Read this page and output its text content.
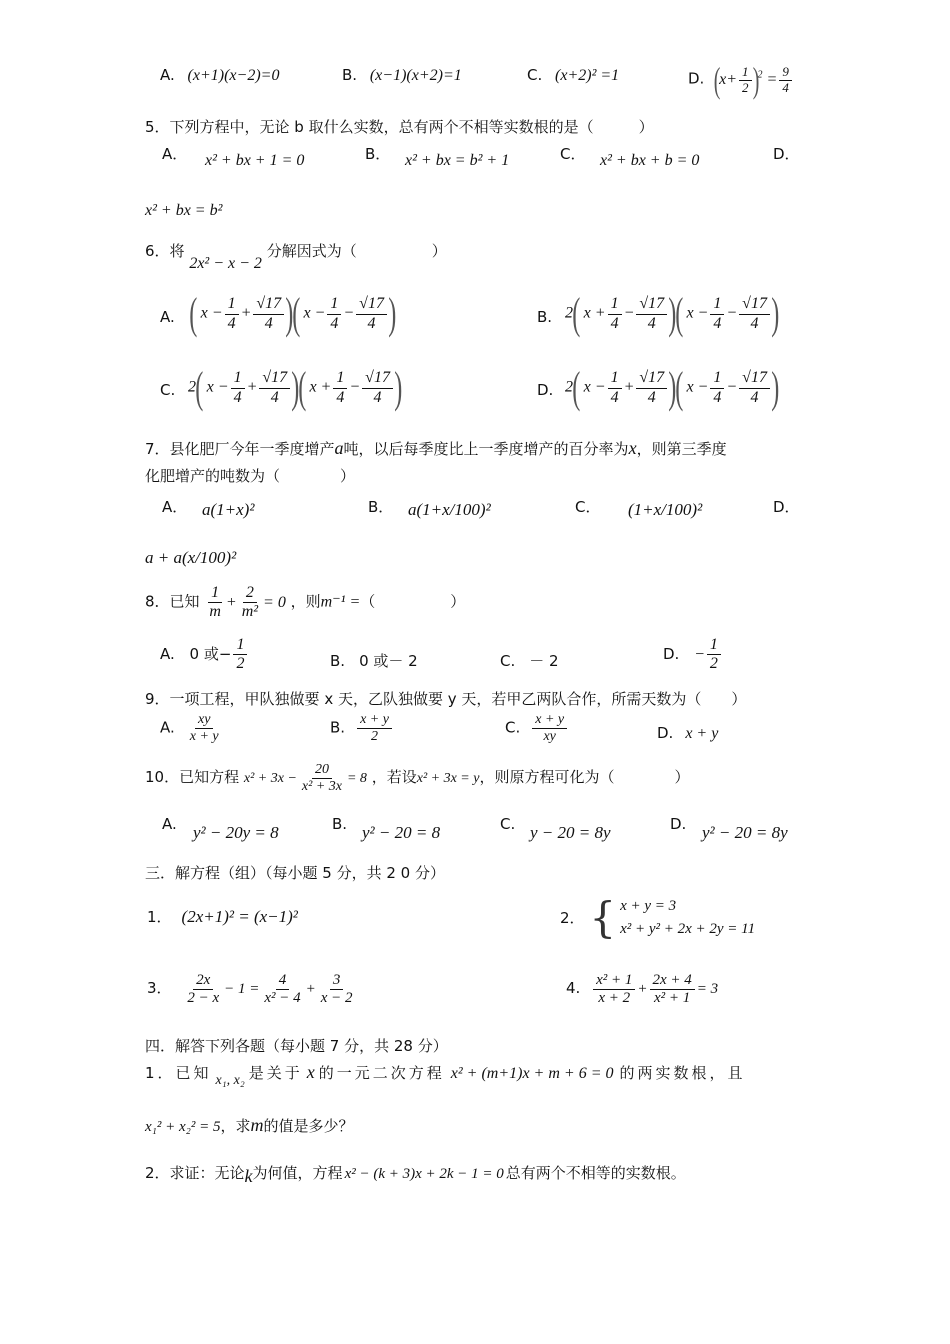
A. (x+1)(x−2)=0	B. (x−1)(x+2)=1	C. (x+2)² =1	D. $(x+ \frac{1}{2} )^2 = \frac{9}{4}$
5．下列方程中，无论 b 取什么实数，总有两个不相等实数根的是（　　　）
A． x² + bx + 1 = 0	B． x² + bx = b² + 1	C． x² + bx + b = 0	D．
x² + bx = b²
6．将 2x² − x − 2 分解因式为（　　　　　）
A. ( $x - \frac{1}{4} + \frac{√17}{4}$ )( $x - \frac{1}{4} - \frac{√17}{4}$ )	B. 2( $x + \frac{1}{4} - \frac{√17}{4}$ )( $x - \frac{1}{4} - \frac{√17}{4}$ )
C. 2( $x - \frac{1}{4} + \frac{√17}{4}$ )( $x + \frac{1}{4} - \frac{√17}{4}$ )	D. 2( $x - \frac{1}{4} + \frac{√17}{4}$ )( $x - \frac{1}{4} - \frac{√17}{4}$ )
7．县化肥厂今年一季度增产a吨，以后每季度比上一季度增产的百分率为x，则第三季度
化肥增产的吨数为（　　　　）
A． a(1+x)²	B． a(1+x/100)²	C． (1+x/100)²	D．
a + a(x/100)²
8．已知 $\frac{1}{m} + \frac{2}{\text{m²}} = 0$ ，则m⁻¹ =（　　　　　）
A. 0 或− $\frac{1}{2}$	B. 0 或－ 2	C. － 2	D. − $\frac{1}{2}$
9．一项工程，甲队独做要 x 天，乙队独做要 y 天，若甲乙两队合作，所需天数为（　　）
A. $\frac{xy}{x + y}$	B. $\frac{x + y}{2}$	C. $\frac{x + y}{xy}$	D. x + y
10．已知方程 $x^2 + 3x - \frac{20}{\text{x² + 3x}} = 8$ ，若设x² + 3x = y，则原方程可化为（　　　　）
A. y² − 20y = 8	B. y² − 20 = 8	C. y − 20 = 8y	D. y² − 20 = 8y
三．解方程（组）（每小题 5 分，共 2 0 分）
1． (2x+1)² = (x−1)²	2． { x + y = 3
x² + y² + 2x + 2y = 11
3． $\frac{2x}{2 - x} - 1 = \frac{4}{\text{x² − 4}} + \frac{3}{x - 2}$	4. $\frac{\text{x² + 1}}{x + 2} + \frac{2x + 4}{\text{x² + 1}} = 3$
四．解答下列各题（每小题 7 分，共 28 分）
1．已知 x₁, x₂ 是关于 x 的一元二次方程 x² + (m+1)x + m + 6 = 0 的两实数根，且
x₁² + x₂² = 5，求m的值是多少？
2．求证：无论k为何值，方程 x² − (k + 3)x + 2k − 1 = 0 总有两个不相等的实数根。
